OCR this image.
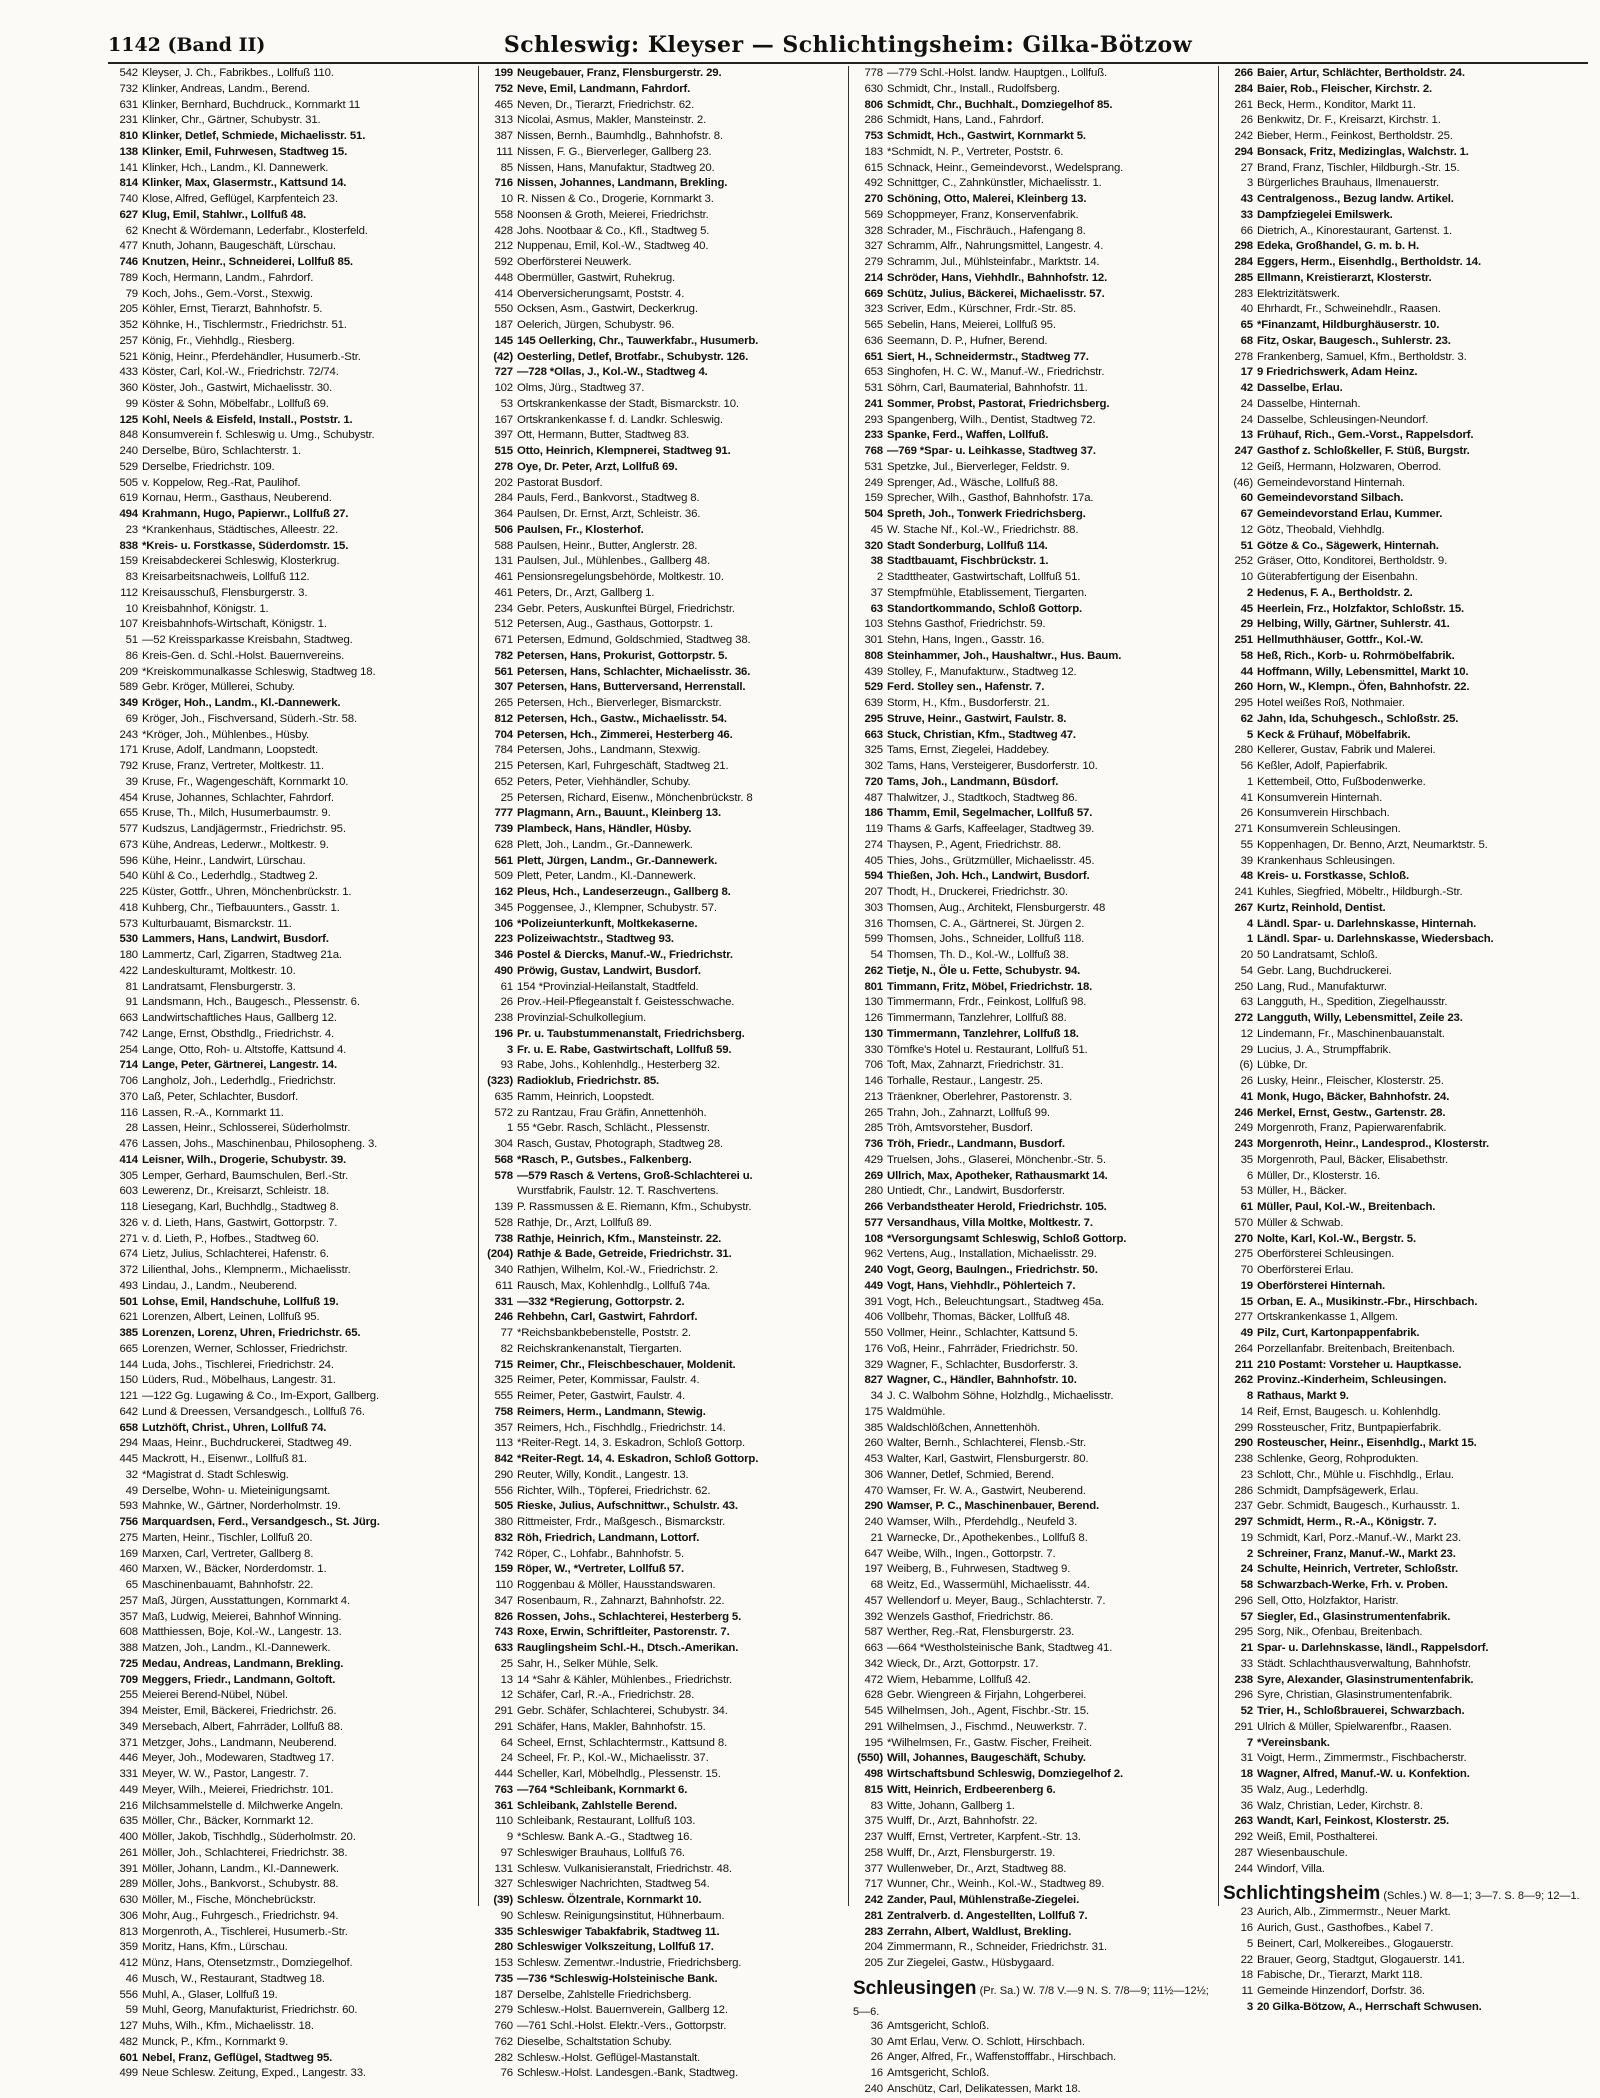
1142 (Band II)	Schleswig: Kleyser — Schlichtingsheim: Gilka-Bötzow
542 Kleyser, J. Ch., Fabrikbes., Lollfuß 110.
732 Klinker, Andreas, Landm., Berend.
631 Klinker, Bernhard, Buchdruck., Kornmarkt 11
231 Klinker, Chr., Gärtner, Schubystr. 31.
810 Klinker, Detlef, Schmiede, Michaelisstr. 51.
138 Klinker, Emil, Fuhrwesen, Stadtweg 15.
141 Klinker, Hch., Landm., Kl. Dannewerk.
814 Klinker, Max, Glasermstr., Kattsund 14.
740 Klose, Alfred, Geflügel, Karpfenteich 23.
627 Klug, Emil, Stahlwr., Lollfuß 48.
62 Knecht & Wördemann, Lederfabr., Klosterfeld.
477 Knuth, Johann, Baugeschäft, Lürschau.
746 Knutzen, Heinr., Schneiderei, Lollfuß 85.
789 Koch, Hermann, Landm., Fahrdorf.
79 Koch, Johs., Gem.-Vorst., Stexwig.
205 Köhler, Ernst, Tierarzt, Bahnhofstr. 5.
352 Köhnke, H., Tischlermstr., Friedrichstr. 51.
257 König, Fr., Viehhdlg., Riesberg.
521 König, Heinr., Pferdehändler, Husumerb.-Str.
433 Köster, Carl, Kol.-W., Friedrichstr. 72/74.
360 Köster, Joh., Gastwirt, Michaelisstr. 30.
99 Köster & Sohn, Möbelfabr., Lollfuß 69.
125 Kohl, Neels & Eisfeld, Install., Poststr. 1.
848 Konsumverein f. Schleswig u. Umg., Schubystr.
240 Derselbe, Büro, Schlachterstr. 1.
529 Derselbe, Friedrichstr. 109.
505 v. Koppelow, Reg.-Rat, Paulihof.
619 Kornau, Herm., Gasthaus, Neuberend.
494 Krahmann, Hugo, Papierwr., Lollfuß 27.
23 *Krankenhaus, Städtisches, Alleestr. 22.
838 *Kreis- u. Forstkasse, Süderdomstr. 15.
159 Kreisabdeckerei Schleswig, Klosterkrug.
83 Kreisarbeitsnachweis, Lollfuß 112.
112 Kreisausschuß, Flensburgerstr. 3.
10 Kreisbahnhof, Königstr. 1.
107 Kreisbahnhofs-Wirtschaft, Königstr. 1.
51 —52 Kreissparkasse Kreisbahn, Stadtweg.
86 Kreis-Gen. d. Schl.-Holst. Bauernvereins.
209 *Kreiskommunalkasse Schleswig, Stadtweg 18.
589 Gebr. Kröger, Müllerei, Schuby.
349 Kröger, Hoh., Landm., Kl.-Dannewerk.
69 Kröger, Joh., Fischversand, Süderh.-Str. 58.
243 *Kröger, Joh., Mühlenbes., Hüsby.
171 Kruse, Adolf, Landmann, Loopstedt.
792 Kruse, Franz, Vertreter, Moltkestr. 11.
39 Kruse, Fr., Wagengeschäft, Kornmarkt 10.
454 Kruse, Johannes, Schlachter, Fahrdorf.
655 Kruse, Th., Milch, Husumerbaumstr. 9.
577 Kudszus, Landjägermstr., Friedrichstr. 95.
673 Kühe, Andreas, Lederwr., Moltkestr. 9.
596 Kühe, Heinr., Landwirt, Lürschau.
540 Kühl & Co., Lederhdlg., Stadtweg 2.
225 Küster, Gottfr., Uhren, Mönchenbrückstr. 1.
418 Kuhberg, Chr., Tiefbauunters., Gasstr. 1.
573 Kulturbauamt, Bismarckstr. 11.
530 Lammers, Hans, Landwirt, Busdorf.
180 Lammertz, Carl, Zigarren, Stadtweg 21a.
422 Landeskulturamt, Moltkestr. 10.
81 Landratsamt, Flensburgerstr. 3.
91 Landsmann, Hch., Baugesch., Plessenstr. 6.
663 Landwirtschaftliches Haus, Gallberg 12.
742 Lange, Ernst, Obsthdlg., Friedrichstr. 4.
254 Lange, Otto, Roh- u. Altstoffe, Kattsund 4.
714 Lange, Peter, Gärtnerei, Langestr. 14.
706 Langholz, Joh., Lederhdlg., Friedrichstr.
370 Laß, Peter, Schlachter, Busdorf.
116 Lassen, R.-A., Kornmarkt 11.
28 Lassen, Heinr., Schlosserei, Süderholmstr.
476 Lassen, Johs., Maschinenbau, Philosopheng. 3.
414 Leisner, Wilh., Drogerie, Schubystr. 39.
305 Lemper, Gerhard, Baumschulen, Berl.-Str.
603 Lewerenz, Dr., Kreisarzt, Schleistr. 18.
118 Liesegang, Karl, Buchhdlg., Stadtweg 8.
326 v. d. Lieth, Hans, Gastwirt, Gottorpstr. 7.
271 v. d. Lieth, P., Hofbes., Stadtweg 60.
674 Lietz, Julius, Schlachterei, Hafenstr. 6.
372 Lilienthal, Johs., Klempnerm., Michaelisstr.
493 Lindau, J., Landm., Neuberend.
501 Lohse, Emil, Handschuhe, Lollfuß 19.
621 Lorenzen, Albert, Leinen, Lollfuß 95.
385 Lorenzen, Lorenz, Uhren, Friedrichstr. 65.
665 Lorenzen, Werner, Schlosser, Friedrichstr.
144 Luda, Johs., Tischlerei, Friedrichstr. 24.
150 Lüders, Rud., Möbelhaus, Langestr. 31.
121 —122 Gg. Lugawing & Co., Im-Export, Gallberg.
642 Lund & Dreessen, Versandgesch., Lollfuß 76.
658 Lutzhöft, Christ., Uhren, Lollfuß 74.
294 Maas, Heinr., Buchdruckerei, Stadtweg 49.
445 Mackrott, H., Eisenwr., Lollfuß 81.
32 *Magistrat d. Stadt Schleswig.
49 Derselbe, Wohn- u. Mieteinigungsamt.
593 Mahnke, W., Gärtner, Norderholmstr. 19.
756 Marquardsen, Ferd., Versandgesch., St. Jürg.
275 Marten, Heinr., Tischler, Lollfuß 20.
169 Marxen, Carl, Vertreter, Gallberg 8.
460 Marxen, W., Bäcker, Norderdomstr. 1.
65 Maschinenbauamt, Bahnhofstr. 22.
257 Maß, Jürgen, Ausstattungen, Kornmarkt 4.
357 Maß, Ludwig, Meierei, Bahnhof Winning.
608 Matthiessen, Boje, Kol.-W., Langestr. 13.
388 Matzen, Joh., Landm., Kl.-Dannewerk.
725 Medau, Andreas, Landmann, Brekling.
709 Meggers, Friedr., Landmann, Goltoft.
255 Meierei Berend-Nübel, Nübel.
394 Meister, Emil, Bäckerei, Friedrichstr. 26.
349 Mersebach, Albert, Fahrräder, Lollfuß 88.
371 Metzger, Johs., Landmann, Neuberend.
446 Meyer, Joh., Modewaren, Stadtweg 17.
331 Meyer, W. W., Pastor, Langestr. 7.
449 Meyer, Wilh., Meierei, Friedrichstr. 101.
216 Milchsammelstelle d. Milchwerke Angeln.
635 Möller, Chr., Bäcker, Kornmarkt 12.
400 Möller, Jakob, Tischhdlg., Süderholmstr. 20.
261 Möller, Joh., Schlachterei, Friedrichstr. 38.
391 Möller, Johann, Landm., Kl.-Dannewerk.
289 Möller, Johs., Bankvorst., Schubystr. 88.
630 Möller, M., Fische, Mönchebrückstr.
306 Mohr, Aug., Fuhrgesch., Friedrichstr. 94.
813 Morgenroth, A., Tischlerei, Husumerb.-Str.
359 Moritz, Hans, Kfm., Lürschau.
412 Münz, Hans, Otensetzmstr., Domziegelhof.
46 Musch, W., Restaurant, Stadtweg 18.
556 Muhl, A., Glaser, Lollfuß 19.
59 Muhl, Georg, Manufakturist, Friedrichstr. 60.
127 Muhs, Wilh., Kfm., Michaelisstr. 18.
482 Munck, P., Kfm., Kornmarkt 9.
601 Nebel, Franz, Geflügel, Stadtweg 95.
499 Neue Schlesw. Zeitung, Exped., Langestr. 33.
199 Neugebauer, Franz, Flensburgerstr. 29.
752 Neve, Emil, Landmann, Fahrdorf.
465 Neven, Dr., Tierarzt, Friedrichstr. 62.
313 Nicolai, Asmus, Makler, Mansteinstr. 2.
387 Nissen, Bernh., Baumhdlg., Bahnhofstr. 8.
111 Nissen, F. G., Bierverleger, Gallberg 23.
85 Nissen, Hans, Manufaktur, Stadtweg 20.
716 Nissen, Johannes, Landmann, Brekling.
10 R. Nissen & Co., Drogerie, Kornmarkt 3.
558 Noonsen & Groth, Meierei, Friedrichstr.
428 Johs. Nootbaar & Co., Kfl., Stadtweg 5.
212 Nuppenau, Emil, Kol.-W., Stadtweg 40.
592 Oberförsterei Neuwerk.
448 Obermüller, Gastwirt, Ruhekrug.
414 Oberversicherungsamt, Poststr. 4.
550 Ocksen, Asm., Gastwirt, Deckerkrug.
187 Oelerich, Jürgen, Schubystr. 96.
145 145 Oellerking, Chr., Tauwerkfabr., Husumerb.
(42) Oesterling, Detlef, Brotfabr., Schubystr. 126.
727 —728 *Ollas, J., Kol.-W., Stadtweg 4.
102 Olms, Jürg., Stadtweg 37.
53 Ortskrankenkasse der Stadt, Bismarckstr. 10.
167 Ortskrankenkasse f. d. Landkr. Schleswig.
397 Ott, Hermann, Butter, Stadtweg 83.
515 Otto, Heinrich, Klempnerei, Stadtweg 91.
278 Oye, Dr. Peter, Arzt, Lollfuß 69.
202 Pastorat Busdorf.
284 Pauls, Ferd., Bankvorst., Stadtweg 8.
364 Paulsen, Dr. Ernst, Arzt, Schleistr. 36.
506 Paulsen, Fr., Klosterhof.
588 Paulsen, Heinr., Butter, Anglerstr. 28.
131 Paulsen, Jul., Mühlenbes., Gallberg 48.
461 Pensionsregelungsbehörde, Moltkestr. 10.
461 Peters, Dr., Arzt, Gallberg 1.
234 Gebr. Peters, Auskunftei Bürgel, Friedrichstr.
512 Petersen, Aug., Gasthaus, Gottorpstr. 1.
671 Petersen, Edmund, Goldschmied, Stadtweg 38.
782 Petersen, Hans, Prokurist, Gottorpstr. 5.
561 Petersen, Hans, Schlachter, Michaelisstr. 36.
307 Petersen, Hans, Butterversand, Herrenstall.
265 Petersen, Hch., Bierverleger, Bismarckstr.
812 Petersen, Hch., Gastw., Michaelisstr. 54.
704 Petersen, Hch., Zimmerei, Hesterberg 46.
784 Petersen, Johs., Landmann, Stexwig.
215 Petersen, Karl, Fuhrgeschäft, Stadtweg 21.
652 Peters, Peter, Viehhändler, Schuby.
25 Petersen, Richard, Eisenw., Mönchenbrückstr. 8
777 Plagmann, Arn., Bauunt., Kleinberg 13.
739 Plambeck, Hans, Händler, Hüsby.
628 Plett, Joh., Landm., Gr.-Dannewerk.
561 Plett, Jürgen, Landm., Gr.-Dannewerk.
509 Plett, Peter, Landm., Kl.-Dannewerk.
162 Pleus, Hch., Landeserzeugn., Gallberg 8.
345 Poggensee, J., Klempner, Schubystr. 57.
106 *Polizeiunterkunft, Moltkekaserne.
223 Polizeiwachtstr., Stadtweg 93.
346 Postel & Diercks, Manuf.-W., Friedrichstr.
490 Pröwig, Gustav, Landwirt, Busdorf.
61 154 *Provinzial-Heilanstalt, Stadtfeld.
26 Prov.-Heil-Pflegeanstalt f. Geistesschwache.
238 Provinzial-Schulkollegium.
196 Pr. u. Taubstummenanstalt, Friedrichsberg.
3 Fr. u. E. Rabe, Gastwirtschaft, Lollfuß 59.
93 Rabe, Johs., Kohlenhdlg., Hesterberg 32.
(323) Radioklub, Friedrichstr. 85.
635 Ramm, Heinrich, Loopstedt.
572 zu Rantzau, Frau Gräfin, Annettenhöh.
1 55 *Gebr. Rasch, Schlächt., Plessenstr.
304 Rasch, Gustav, Photograph, Stadtweg 28.
568 *Rasch, P., Gutsbes., Falkenberg.
578 —579 Rasch & Vertens, Groß-Schlachterei u.
Wurstfabrik, Faulstr. 12. T. Raschvertens.
139 P. Rassmussen & E. Riemann, Kfm., Schubystr.
528 Rathje, Dr., Arzt, Lollfuß 89.
738 Rathje, Heinrich, Kfm., Mansteinstr. 22.
(204) Rathje & Bade, Getreide, Friedrichstr. 31.
340 Rathjen, Wilhelm, Kol.-W., Friedrichstr. 2.
611 Rausch, Max, Kohlenhdlg., Lollfuß 74a.
331 —332 *Regierung, Gottorpstr. 2.
246 Rehbehn, Carl, Gastwirt, Fahrdorf.
77 *Reichsbankbebenstelle, Poststr. 2.
82 Reichskrankenanstalt, Tiergarten.
715 Reimer, Chr., Fleischbeschauer, Moldenit.
325 Reimer, Peter, Kommissar, Faulstr. 4.
555 Reimer, Peter, Gastwirt, Faulstr. 4.
758 Reimers, Herm., Landmann, Stewig.
357 Reimers, Hch., Fischhdlg., Friedrichstr. 14.
113 *Reiter-Regt. 14, 3. Eskadron, Schloß Gottorp.
842 *Reiter-Regt. 14, 4. Eskadron, Schloß Gottorp.
290 Reuter, Willy, Kondit., Langestr. 13.
556 Richter, Wilh., Töpferei, Friedrichstr. 62.
505 Rieske, Julius, Aufschnittwr., Schulstr. 43.
380 Rittmeister, Frdr., Maßgesch., Bismarckstr.
832 Röh, Friedrich, Landmann, Lottorf.
742 Röper, C., Lohfabr., Bahnhofstr. 5.
159 Röper, W., *Vertreter, Lollfuß 57.
110 Roggenbau & Möller, Hausstandswaren.
347 Rosenbaum, R., Zahnarzt, Bahnhofstr. 22.
826 Rossen, Johs., Schlachterei, Hesterberg 5.
743 Roxe, Erwin, Schriftleiter, Pastorenstr. 7.
633 Rauglingsheim Schl.-H., Dtsch.-Amerikan.
25 Sahr, H., Selker Mühle, Selk.
13 14 *Sahr & Kähler, Mühlenbes., Friedrichstr.
12 Schäfer, Carl, R.-A., Friedrichstr. 28.
291 Gebr. Schäfer, Schlachterei, Schubystr. 34.
291 Schäfer, Hans, Makler, Bahnhofstr. 15.
64 Scheel, Ernst, Schlachtermstr., Kattsund 8.
24 Scheel, Fr. P., Kol.-W., Michaelisstr. 37.
444 Scheller, Karl, Möbelhdlg., Plessenstr. 15.
763 —764 *Schleibank, Kornmarkt 6.
361 Schleibank, Zahlstelle Berend.
110 Schleibank, Restaurant, Lollfuß 103.
9 *Schlesw. Bank A.-G., Stadtweg 16.
97 Schleswiger Brauhaus, Lollfuß 76.
131 Schlesw. Vulkanisieranstalt, Friedrichstr. 48.
327 Schleswiger Nachrichten, Stadtweg 54.
(39) Schlesw. Ölzentrale, Kornmarkt 10.
90 Schlesw. Reinigungsinstitut, Hühnerbaum.
335 Schleswiger Tabakfabrik, Stadtweg 11.
280 Schleswiger Volkszeitung, Lollfuß 17.
153 Schlesw. Zementwr.-Industrie, Friedrichsberg.
735 —736 *Schleswig-Holsteinische Bank.
187 Derselbe, Zahlstelle Friedrichsberg.
279 Schlesw.-Holst. Bauernverein, Gallberg 12.
760 —761 Schl.-Holst. Elektr.-Vers., Gottorpstr.
762 Dieselbe, Schaltstation Schuby.
282 Schlesw.-Holst. Geflügel-Mastanstalt.
76 Schlesw.-Holst. Landesgen.-Bank, Stadtweg.
778 —779 Schl.-Holst. landw. Hauptgen., Lollfuß.
630 Schmidt, Chr., Install., Rudolfsberg.
806 Schmidt, Chr., Buchhalt., Domziegelhof 85.
286 Schmidt, Hans, Land., Fahrdorf.
753 Schmidt, Hch., Gastwirt, Kornmarkt 5.
183 *Schmidt, N. P., Vertreter, Poststr. 6.
615 Schnack, Heinr., Gemeindevorst., Wedelsprang.
492 Schnittger, C., Zahnkünstler, Michaelisstr. 1.
270 Schöning, Otto, Malerei, Kleinberg 13.
569 Schoppmeyer, Franz, Konservenfabrik.
328 Schrader, M., Fischräuch., Hafengang 8.
327 Schramm, Alfr., Nahrungsmittel, Langestr. 4.
279 Schramm, Jul., Mühlsteinfabr., Marktstr. 14.
214 Schröder, Hans, Viehhdlr., Bahnhofstr. 12.
669 Schütz, Julius, Bäckerei, Michaelisstr. 57.
323 Scriver, Edm., Kürschner, Frdr.-Str. 85.
565 Sebelin, Hans, Meierei, Lollfuß 95.
636 Seemann, D. P., Hufner, Berend.
651 Siert, H., Schneidermstr., Stadtweg 77.
653 Singhofen, H. C. W., Manuf.-W., Friedrichstr.
531 Söhrn, Carl, Baumaterial, Bahnhofstr. 11.
241 Sommer, Probst, Pastorat, Friedrichsberg.
293 Spangenberg, Wilh., Dentist, Stadtweg 72.
233 Spanke, Ferd., Waffen, Lollfuß.
768 —769 *Spar- u. Leihkasse, Stadtweg 37.
531 Spetzke, Jul., Bierverleger, Feldstr. 9.
249 Sprenger, Ad., Wäsche, Lollfuß 88.
159 Sprecher, Wilh., Gasthof, Bahnhofstr. 17a.
504 Spreth, Joh., Tonwerk Friedrichsberg.
45 W. Stache Nf., Kol.-W., Friedrichstr. 88.
320 Stadt Sonderburg, Lollfuß 114.
38 Stadtbauamt, Fischbrückstr. 1.
2 Stadttheater, Gastwirtschaft, Lollfuß 51.
37 Stempfmühle, Etablissement, Tiergarten.
63 Standortkommando, Schloß Gottorp.
103 Stehns Gasthof, Friedrichstr. 59.
301 Stehn, Hans, Ingen., Gasstr. 16.
808 Steinhammer, Joh., Haushaltwr., Hus. Baum.
439 Stolley, F., Manufakturw., Stadtweg 12.
529 Ferd. Stolley sen., Hafenstr. 7.
639 Storm, H., Kfm., Busdorferstr. 21.
295 Struve, Heinr., Gastwirt, Faulstr. 8.
663 Stuck, Christian, Kfm., Stadtweg 47.
325 Tams, Ernst, Ziegelei, Haddebey.
302 Tams, Hans, Versteigerer, Busdorferstr. 10.
720 Tams, Joh., Landmann, Büsdorf.
487 Thalwitzer, J., Stadtkoch, Stadtweg 86.
186 Thamm, Emil, Segelmacher, Lollfuß 57.
119 Thams & Garfs, Kaffeelager, Stadtweg 39.
274 Thaysen, P., Agent, Friedrichstr. 88.
405 Thies, Johs., Grützmüller, Michaelisstr. 45.
594 Thießen, Joh. Hch., Landwirt, Busdorf.
207 Thodt, H., Druckerei, Friedrichstr. 30.
303 Thomsen, Aug., Architekt, Flensburgerstr. 48
316 Thomsen, C. A., Gärtnerei, St. Jürgen 2.
599 Thomsen, Johs., Schneider, Lollfuß 118.
54 Thomsen, Th. D., Kol.-W., Lollfuß 38.
262 Tietje, N., Öle u. Fette, Schubystr. 94.
801 Timmann, Fritz, Möbel, Friedrichstr. 18.
130 Timmermann, Frdr., Feinkost, Lollfuß 98.
126 Timmermann, Tanzlehrer, Lollfuß 88.
130 Timmermann, Tanzlehrer, Lollfuß 18.
330 Tömfke's Hotel u. Restaurant, Lollfuß 51.
706 Toft, Max, Zahnarzt, Friedrichstr. 31.
146 Torhalle, Restaur., Langestr. 25.
213 Träenkner, Oberlehrer, Pastorenstr. 3.
265 Trahn, Joh., Zahnarzt, Lollfuß 99.
285 Tröh, Amtsvorsteher, Busdorf.
736 Tröh, Friedr., Landmann, Busdorf.
429 Truelsen, Johs., Glaserei, Mönchenbr.-Str. 5.
269 Ullrich, Max, Apotheker, Rathausmarkt 14.
280 Untiedt, Chr., Landwirt, Busdorferstr.
266 Verbandstheater Herold, Friedrichstr. 105.
577 Versandhaus, Villa Moltke, Moltkestr. 7.
108 *Versorgungsamt Schleswig, Schloß Gottorp.
962 Vertens, Aug., Installation, Michaelisstr. 29.
240 Vogt, Georg, Baulngen., Friedrichstr. 50.
449 Vogt, Hans, Viehhdlr., Pöhlerteich 7.
391 Vogt, Hch., Beleuchtungsart., Stadtweg 45a.
406 Vollbehr, Thomas, Bäcker, Lollfuß 48.
550 Vollmer, Heinr., Schlachter, Kattsund 5.
176 Voß, Heinr., Fahrräder, Friedrichstr. 50.
329 Wagner, F., Schlachter, Busdorferstr. 3.
827 Wagner, C., Händler, Bahnhofstr. 10.
34 J. C. Walbohm Söhne, Holzhdlg., Michaelisstr.
175 Waldmühle.
385 Waldschlößchen, Annettenhöh.
260 Walter, Bernh., Schlachterei, Flensb.-Str.
453 Walter, Karl, Gastwirt, Flensburgerstr. 80.
306 Wanner, Detlef, Schmied, Berend.
470 Wamser, Fr. W. A., Gastwirt, Neuberend.
290 Wamser, P. C., Maschinenbauer, Berend.
240 Wamser, Wilh., Pferdehdlg., Neufeld 3.
21 Warnecke, Dr., Apothekenbes., Lollfuß 8.
647 Weibe, Wilh., Ingen., Gottorpstr. 7.
197 Weiberg, B., Fuhrwesen, Stadtweg 9.
68 Weitz, Ed., Wassermühl, Michaelisstr. 44.
457 Wellendorf u. Meyer, Baug., Schlachterstr. 7.
392 Wenzels Gasthof, Friedrichstr. 86.
587 Werther, Reg.-Rat, Flensburgerstr. 23.
663 —664 *Westholsteinische Bank, Stadtweg 41.
342 Wieck, Dr., Arzt, Gottorpstr. 17.
472 Wiem, Hebamme, Lollfuß 42.
628 Gebr. Wiengreen & Firjahn, Lohgerberei.
545 Wilhelmsen, Joh., Agent, Fischbr.-Str. 15.
291 Wilhelmsen, J., Fischmd., Neuwerkstr. 7.
195 *Wilhelmsen, Fr., Gastw. Fischer, Freiheit.
(550) Will, Johannes, Baugeschäft, Schuby.
498 Wirtschaftsbund Schleswig, Domziegelhof 2.
815 Witt, Heinrich, Erdbeerenberg 6.
83 Witte, Johann, Gallberg 1.
375 Wulff, Dr., Arzt, Bahnhofstr. 22.
237 Wulff, Ernst, Vertreter, Karpfent.-Str. 13.
258 Wulff, Dr., Arzt, Flensburgerstr. 19.
377 Wullenweber, Dr., Arzt, Stadtweg 88.
717 Wunner, Chr., Weinh., Kol.-W., Stadtweg 89.
242 Zander, Paul, Mühlenstraße-Ziegelei.
281 Zentralverb. d. Angestellten, Lollfuß 7.
283 Zerrahn, Albert, Waldlust, Brekling.
204 Zimmermann, R., Schneider, Friedrichstr. 31.
205 Zur Ziegelei, Gastw., Hüsbygaard.
Schleusingen (Pr. Sa.) W. 7/8 V.—9 N. S. 7/8—9; 11½—12½; 5—6.
36 Amtsgericht, Schloß.
30 Amt Erlau, Verw. O. Schlott, Hirschbach.
26 Anger, Alfred, Fr., Waffenstofffabr., Hirschbach.
16 Amtsgericht, Schloß.
240 Anschütz, Carl, Delikatessen, Markt 18.
266 Baier, Artur, Schlächter, Bertholdstr. 24.
284 Baier, Rob., Fleischer, Kirchstr. 2.
261 Beck, Herm., Konditor, Markt 11.
26 Benkwitz, Dr. F., Kreisarzt, Kirchstr. 1.
242 Bieber, Herm., Feinkost, Bertholdstr. 25.
294 Bonsack, Fritz, Medizinglas, Walchstr. 1.
27 Brand, Franz, Tischler, Hildburgh.-Str. 15.
3 Bürgerliches Brauhaus, Ilmenauerstr.
43 Centralgenoss., Bezug landw. Artikel.
33 Dampfziegelei Emilswerk.
66 Dietrich, A., Kinorestaurant, Gartenst. 1.
298 Edeka, Großhandel, G. m. b. H.
284 Eggers, Herm., Eisenhdlg., Bertholdstr. 14.
285 Ellmann, Kreistierarzt, Klosterstr.
283 Elektrizitätswerk.
40 Ehrhardt, Fr., Schweinehdlr., Raasen.
65 *Finanzamt, Hildburghäuserstr. 10.
68 Fitz, Oskar, Baugesch., Suhlerstr. 23.
278 Frankenberg, Samuel, Kfm., Bertholdstr. 3.
17 9 Friedrichswerk, Adam Heinz.
42 Dasselbe, Erlau.
24 Dasselbe, Hinternah.
24 Dasselbe, Schleusingen-Neundorf.
13 Frühauf, Rich., Gem.-Vorst., Rappelsdorf.
247 Gasthof z. Schloßkeller, F. Stüß, Burgstr.
12 Geiß, Hermann, Holzwaren, Oberrod.
(46) Gemeindevorstand Hinternah.
60 Gemeindevorstand Silbach.
67 Gemeindevorstand Erlau, Kummer.
12 Götz, Theobald, Viehhdlg.
51 Götze & Co., Sägewerk, Hinternah.
252 Gräser, Otto, Konditorei, Bertholdstr. 9.
10 Güterabfertigung der Eisenbahn.
2 Hedenus, F. A., Bertholdstr. 2.
45 Heerlein, Frz., Holzfaktor, Schloßstr. 15.
29 Helbing, Willy, Gärtner, Suhlerstr. 41.
251 Hellmuthhäuser, Gottfr., Kol.-W.
58 Heß, Rich., Korb- u. Rohrmöbelfabrik.
44 Hoffmann, Willy, Lebensmittel, Markt 10.
260 Horn, W., Klempn., Öfen, Bahnhofstr. 22.
295 Hotel weißes Roß, Nothmaier.
62 Jahn, Ida, Schuhgesch., Schloßstr. 25.
5 Keck & Frühauf, Möbelfabrik.
280 Kellerer, Gustav, Fabrik und Malerei.
56 Keßler, Adolf, Papierfabrik.
1 Kettembeil, Otto, Fußbodenwerke.
41 Konsumverein Hinternah.
26 Konsumverein Hirschbach.
271 Konsumverein Schleusingen.
55 Koppenhagen, Dr. Benno, Arzt, Neumarktstr. 5.
39 Krankenhaus Schleusingen.
48 Kreis- u. Forstkasse, Schloß.
241 Kuhles, Siegfried, Möbeltr., Hildburgh.-Str.
267 Kurtz, Reinhold, Dentist.
4 Ländl. Spar- u. Darlehnskasse, Hinternah.
1 Ländl. Spar- u. Darlehnskasse, Wiedersbach.
20 50 Landratsamt, Schloß.
54 Gebr. Lang, Buchdruckerei.
250 Lang, Rud., Manufakturwr.
63 Langguth, H., Spedition, Ziegelhausstr.
272 Langguth, Willy, Lebensmittel, Zeile 23.
12 Lindemann, Fr., Maschinenbauanstalt.
29 Lucius, J. A., Strumpffabrik.
(6) Lübke, Dr.
26 Lusky, Heinr., Fleischer, Klosterstr. 25.
41 Monk, Hugo, Bäcker, Bahnhofstr. 24.
246 Merkel, Ernst, Gestw., Gartenstr. 28.
249 Morgenroth, Franz, Papierwarenfabrik.
243 Morgenroth, Heinr., Landesprod., Klosterstr.
35 Morgenroth, Paul, Bäcker, Elisabethstr.
6 Müller, Dr., Klosterstr. 16.
53 Müller, H., Bäcker.
61 Müller, Paul, Kol.-W., Breitenbach.
570 Müller & Schwab.
270 Nolte, Karl, Kol.-W., Bergstr. 5.
275 Oberförsterei Schleusingen.
70 Oberförsterei Erlau.
19 Oberförsterei Hinternah.
15 Orban, E. A., Musikinstr.-Fbr., Hirschbach.
277 Ortskrankenkasse 1, Allgem.
49 Pilz, Curt, Kartonpappenfabrik.
264 Porzellanfabr. Breitenbach, Breitenbach.
211 210 Postamt: Vorsteher u. Hauptkasse.
262 Provinz.-Kinderheim, Schleusingen.
8 Rathaus, Markt 9.
14 Reif, Ernst, Baugesch. u. Kohlenhdlg.
299 Rossteuscher, Fritz, Buntpapierfabrik.
290 Rosteuscher, Heinr., Eisenhdlg., Markt 15.
238 Schlenke, Georg, Rohprodukten.
23 Schlott, Chr., Mühle u. Fischhdlg., Erlau.
286 Schmidt, Dampfsägewerk, Erlau.
237 Gebr. Schmidt, Baugesch., Kurhausstr. 1.
297 Schmidt, Herm., R.-A., Königstr. 7.
19 Schmidt, Karl, Porz.-Manuf.-W., Markt 23.
2 Schreiner, Franz, Manuf.-W., Markt 23.
24 Schulte, Heinrich, Vertreter, Schloßstr.
58 Schwarzbach-Werke, Frh. v. Proben.
296 Sell, Otto, Holzfaktor, Haristr.
57 Siegler, Ed., Glasinstrumentenfabrik.
295 Sorg, Nik., Ofenbau, Breitenbach.
21 Spar- u. Darlehnskasse, ländl., Rappelsdorf.
33 Städt. Schlachthausverwaltung, Bahnhofstr.
238 Syre, Alexander, Glasinstrumentenfabrik.
296 Syre, Christian, Glasinstrumentenfabrik.
52 Trier, H., Schloßbrauerei, Schwarzbach.
291 Ulrich & Müller, Spielwarenfbr., Raasen.
7 *Vereinsbank.
31 Voigt, Herm., Zimmermstr., Fischbacherstr.
18 Wagner, Alfred, Manuf.-W. u. Konfektion.
35 Walz, Aug., Lederhdlg.
36 Walz, Christian, Leder, Kirchstr. 8.
263 Wandt, Karl, Feinkost, Klosterstr. 25.
292 Weiß, Emil, Posthalterei.
287 Wiesenbauschule.
244 Windorf, Villa.
Schlichtingsheim (Schles.) W. 8—1; 3—7. S. 8—9; 12—1.
23 Aurich, Alb., Zimmermstr., Neuer Markt.
16 Aurich, Gust., Gasthofbes., Kabel 7.
5 Beinert, Carl, Molkereibes., Glogauerstr.
22 Brauer, Georg, Stadtgut, Glogauerstr. 141.
18 Fabische, Dr., Tierarzt, Markt 118.
11 Gemeinde Hinzendorf, Dorfstr. 36.
3 20 Gilka-Bötzow, A., Herrschaft Schwusen.
